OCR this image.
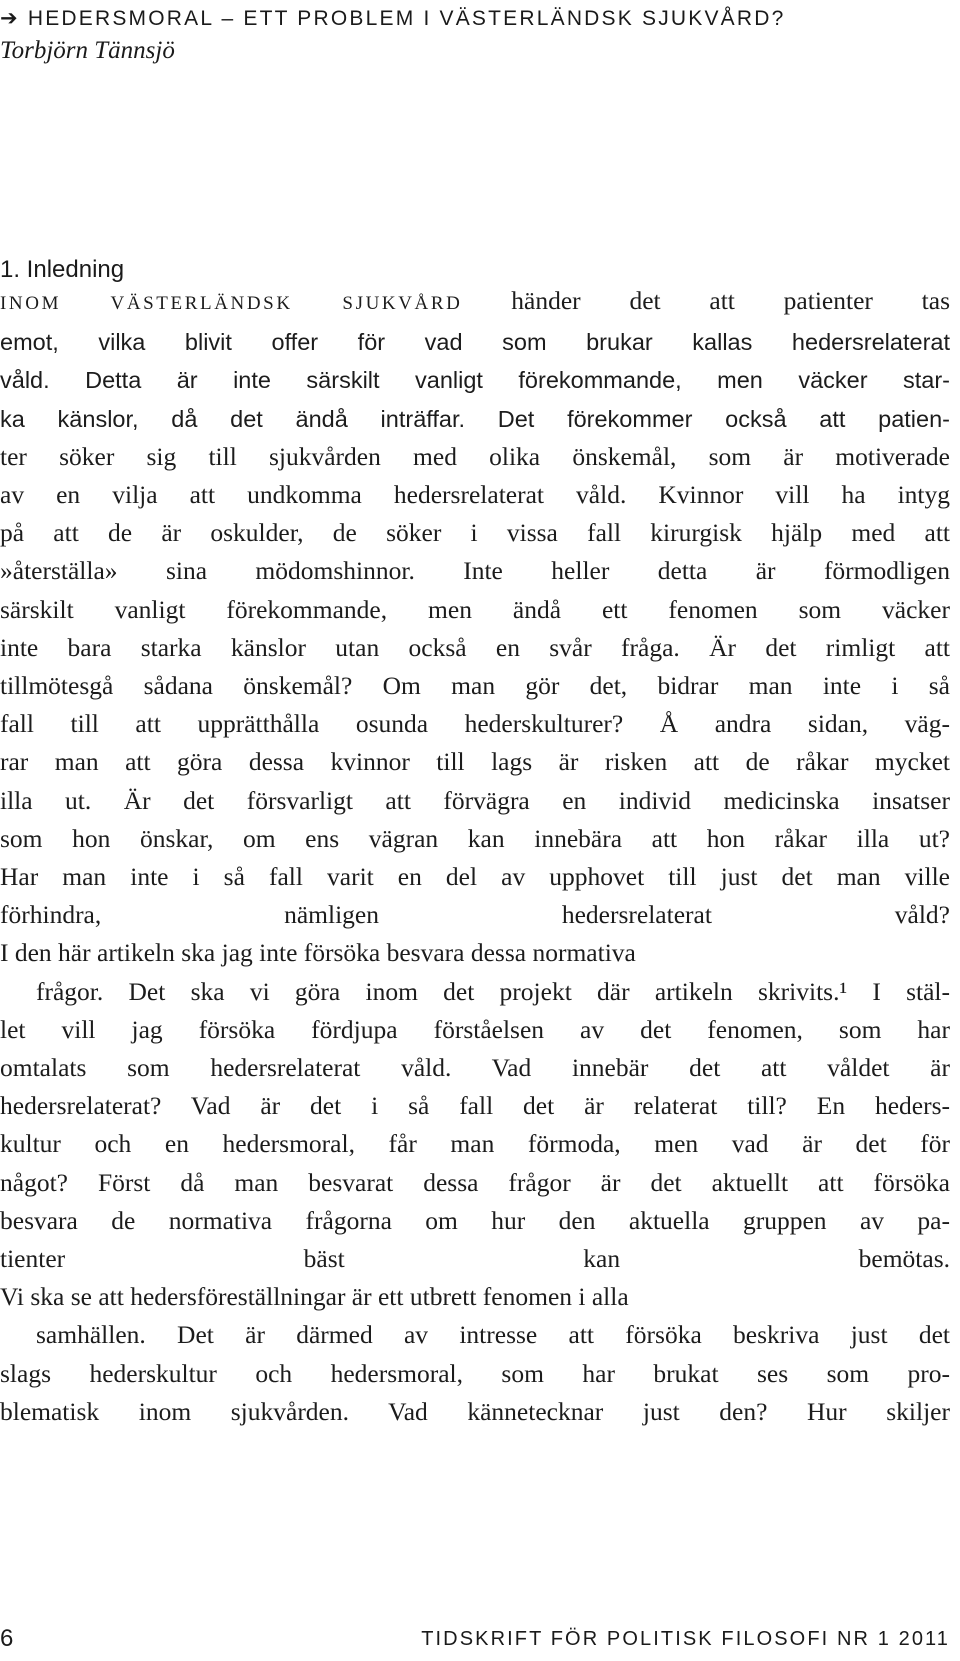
➔ HEDERSMORAL – ETT PROBLEM I VÄSTERLÄNDSK SJUKVÅRD?
Torbjörn Tännsjö
1. Inledning
INOM VÄSTERLÄNDSK SJUKVÅRD händer det att patienter tas
emot, vilka blivit offer för vad som brukar kallas hedersrelaterat
våld. Detta är inte särskilt vanligt förekommande, men väcker star-
ka känslor, då det ändå inträffar. Det förekommer också att patien-
ter söker sig till sjukvården med olika önskemål, som är motiverade
av en vilja att undkomma hedersrelaterat våld. Kvinnor vill ha intyg
på att de är oskulder, de söker i vissa fall kirurgisk hjälp med att
»återställa» sina mödomshinnor. Inte heller detta är förmodligen
särskilt vanligt förekommande, men ändå ett fenomen som väcker
inte bara starka känslor utan också en svår fråga. Är det rimligt att
tillmötesgå sådana önskemål? Om man gör det, bidrar man inte i så
fall till att upprätthålla osunda hederskulturer? Å andra sidan, väg-
rar man att göra dessa kvinnor till lags är risken att de råkar mycket
illa ut. Är det försvarligt att förvägra en individ medicinska insatser
som hon önskar, om ens vägran kan innebära att hon råkar illa ut?
Har man inte i så fall varit en del av upphovet till just det man ville
förhindra, nämligen hedersrelaterat våld?
I den här artikeln ska jag inte försöka besvara dessa normativa
frågor. Det ska vi göra inom det projekt där artikeln skrivits.¹ I stäl-
let vill jag försöka fördjupa förståelsen av det fenomen, som har
omtalats som hedersrelaterat våld. Vad innebär det att våldet är
hedersrelaterat? Vad är det i så fall det är relaterat till? En heders-
kultur och en hedersmoral, får man förmoda, men vad är det för
något? Först då man besvarat dessa frågor är det aktuellt att försöka
besvara de normativa frågorna om hur den aktuella gruppen av pa-
tienter bäst kan bemötas.
Vi ska se att hedersföreställningar är ett utbrett fenomen i alla
samhällen. Det är därmed av intresse att försöka beskriva just det
slags hederskultur och hedersmoral, som har brukat ses som pro-
blematisk inom sjukvården. Vad kännetecknar just den? Hur skiljer
6	TIDSKRIFT FÖR POLITISK FILOSOFI NR 1 2011
